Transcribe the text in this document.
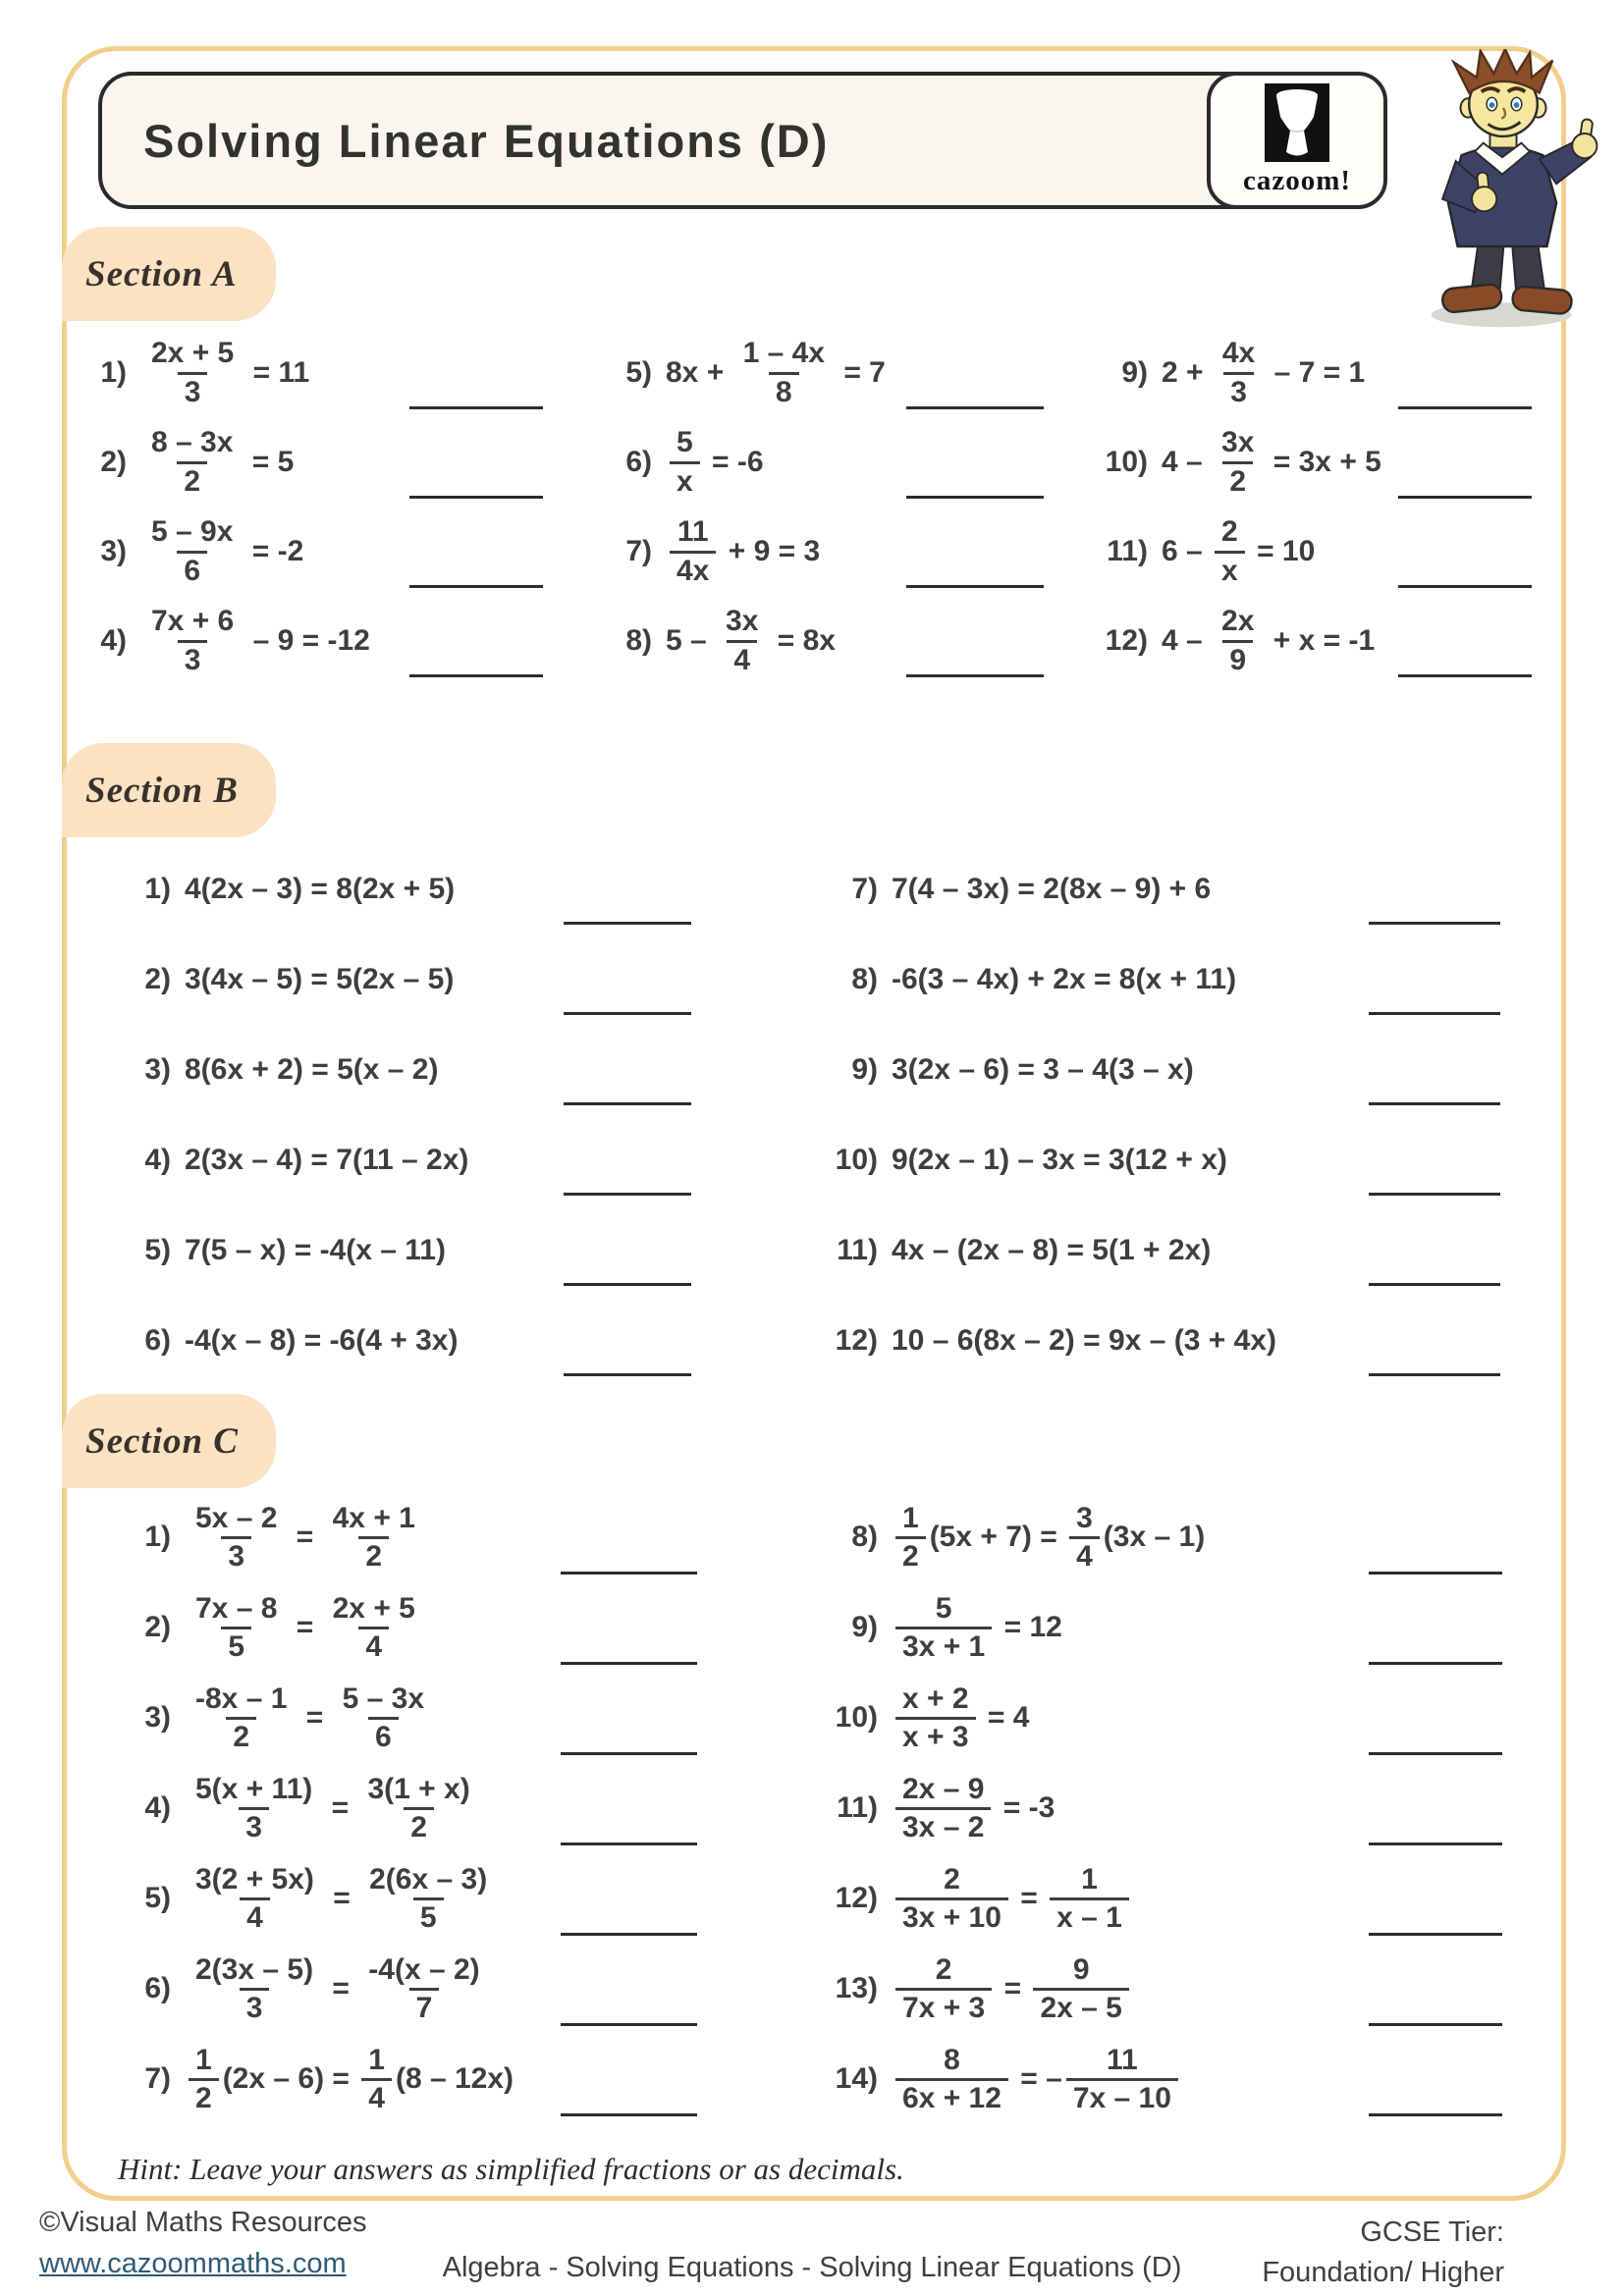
Solving Linear Equations (D)
cazoom!
Section A
Section B
Section C
$1) \frac{2x + 5}{3} = 11$
$2) \frac{8 - 3x}{2} = 5$
$3) \frac{5 - 9x}{6} = -2$
$4) \frac{7x + 6}{3} - 9 = -12$
5) $8x + \frac{1 - 4x}{8} = 7$
$6) \frac{5}{x} = -6$
$7) \frac{11}{4x} + 9 = 3$
8) $5 - \frac{3x}{4} = 8x$
9) $2 + \frac{4x}{3} - 7 = 1$
10) $4 - \frac{3x}{2} = 3x + 5$
11) $6 - \frac{2}{x} = 10$
12) $4 - \frac{2x}{9} + x = -1$
1) 4(2x – 3) = 8(2x + 5)
2) 3(4x – 5) = 5(2x – 5)
3) 8(6x + 2) = 5(x – 2)
4) 2(3x – 4) = 7(11 – 2x)
5) 7(5 – x) = -4(x – 11)
6) -4(x – 8) = -6(4 + 3x)
7) 7(4 – 3x) = 2(8x – 9) + 6
8) -6(3 – 4x) + 2x = 8(x + 11)
9) 3(2x – 6) = 3 – 4(3 – x)
10) 9(2x – 1) – 3x = 3(12 + x)
11) 4x – (2x – 8) = 5(1 + 2x)
12) 10 – 6(8x – 2) = 9x – (3 + 4x)
$1) \frac{5x - 2}{3} = \frac{4x + 1}{2}$
$2) \frac{7x - 8}{5} = \frac{2x + 5}{4}$
$3) \frac{-8x - 1}{2} = \frac{5 - 3x}{6}$
$4) \frac{5(x + 11)}{3} = \frac{3(1 + x)}{2}$
$5) \frac{3(2 + 5x)}{4} = \frac{2(6x - 3)}{5}$
$6) \frac{2(3x - 5)}{3} = \frac{-4(x - 2)}{7}$
$7) \frac{1}{2} (2x - 6) = \frac{1}{4} (8 - 12x)$
$8) \frac{1}{2} (5x + 7) = \frac{3}{4} (3x - 1)$
$9) \frac{5}{3x + 1} = 12$
$10) \frac{x + 2}{x + 3} = 4$
$11) \frac{2x - 9}{3x - 2} = -3$
$12) \frac{2}{3x + 10} = \frac{1}{x - 1}$
$13) \frac{2}{7x + 3} = \frac{9}{2x - 5}$
$14) \frac{8}{6x + 12}$ = – $\frac{11}{7x - 10}$
Hint: Leave your answers as simplified fractions or as decimals.
©Visual Maths Resources
www.cazoommaths.com	Algebra - Solving Equations - Solving Linear Equations (D)
GCSE Tier:
Foundation/ Higher
